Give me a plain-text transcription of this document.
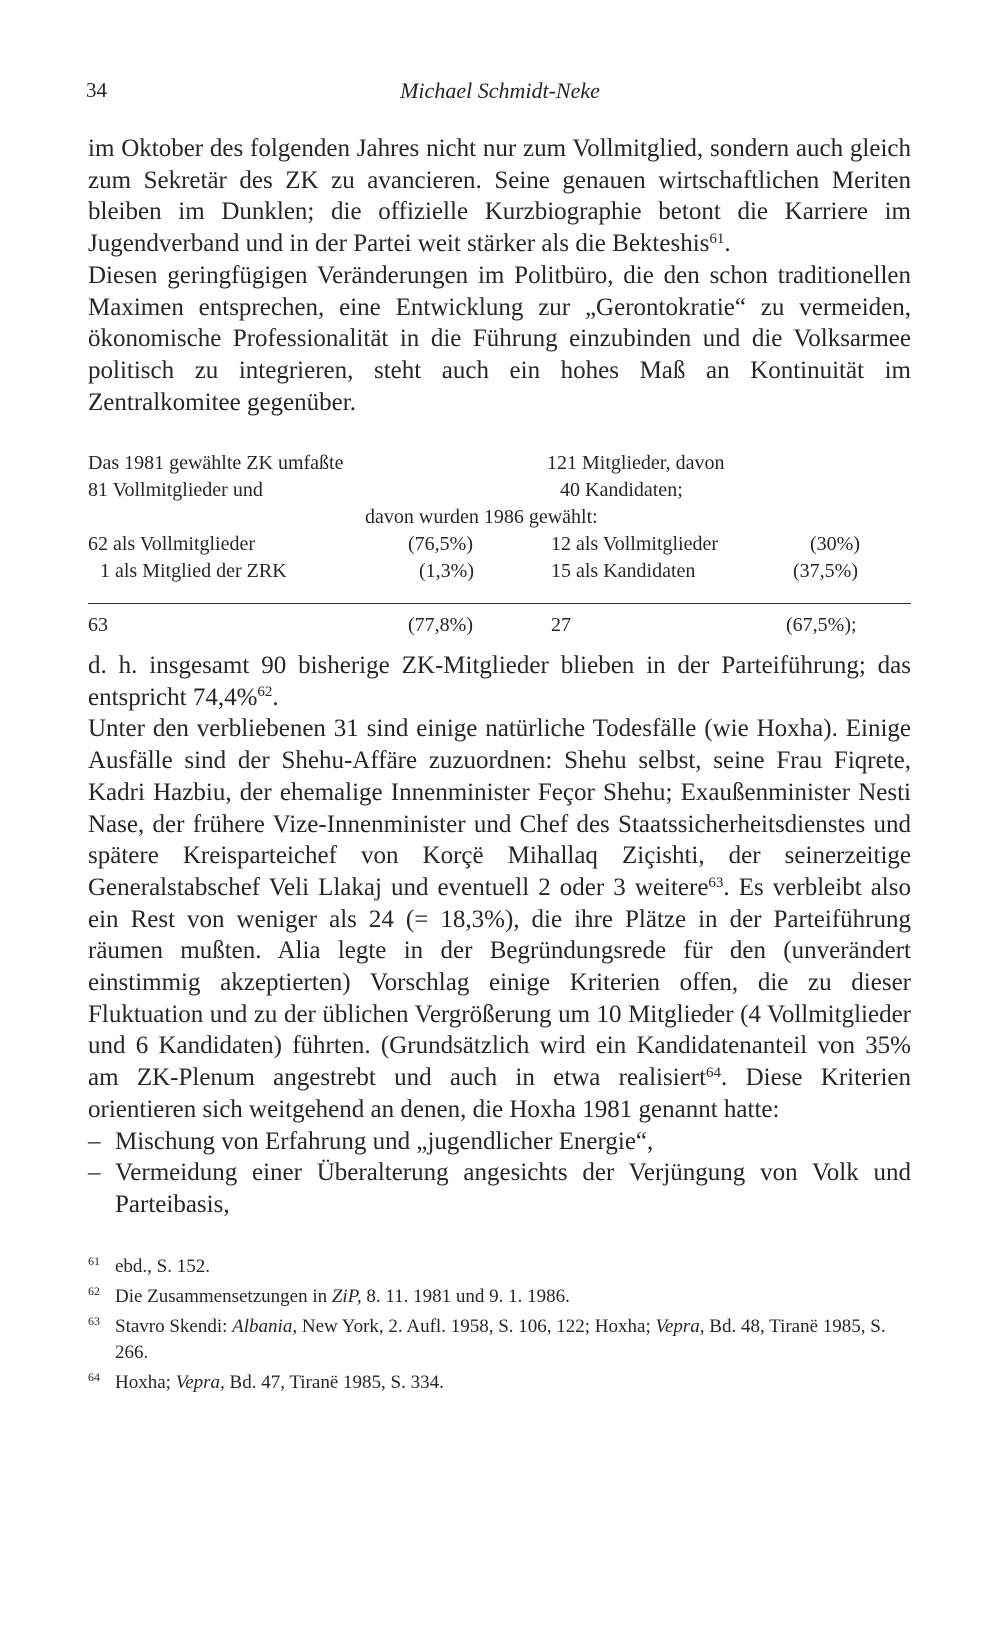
34	Michael Schmidt-Neke

im Oktober des folgenden Jahres nicht nur zum Vollmitglied, sondern auch gleich zum Sekretär des ZK zu avancieren. Seine genauen wirtschaftlichen Meriten bleiben im Dunklen; die offizielle Kurzbiographie betont die Karriere im Jugendverband und in der Partei weit stärker als die Bekteshis$^{61}$.

Diesen geringfügigen Veränderungen im Politbüro, die den schon traditionellen Maximen entsprechen, eine Entwicklung zur „Gerontokratie“ zu vermeiden, ökonomische Professionalität in die Führung einzubinden und die Volksarmee politisch zu integrieren, steht auch ein hohes Maß an Kontinuität im Zentralkomitee gegenüber.

Das 1981 gewählte ZK umfaßte	121 Mitglieder, davon
81 Vollmitglieder und	40 Kandidaten;
davon wurden 1986 gewählt:
62 als Vollmitglieder	(76,5%)	12 als Vollmitglieder	(30%)
1 als Mitglied der ZRK	(1,3%)	15 als Kandidaten	(37,5%)
63	(77,8%)	27	(67,5%);

d. h. insgesamt 90 bisherige ZK-Mitglieder blieben in der Parteiführung; das entspricht 74,4%$^{62}$.

Unter den verbliebenen 31 sind einige natürliche Todesfälle (wie Hoxha). Einige Ausfälle sind der Shehu-Affäre zuzuordnen: Shehu selbst, seine Frau Fiqrete, Kadri Hazbiu, der ehemalige Innenminister Feçor Shehu; Exaußenminister Nesti Nase, der frühere Vize-Innenminister und Chef des Staatssicherheitsdienstes und spätere Kreisparteichef von Korçë Mihallaq Ziçishti, der seinerzeitige Generalstabschef Veli Llakaj und eventuell 2 oder 3 weitere$^{63}$. Es verbleibt also ein Rest von weniger als 24 (= 18,3%), die ihre Plätze in der Parteiführung räumen mußten. Alia legte in der Begründungsrede für den (unverändert einstimmig akzeptierten) Vorschlag einige Kriterien offen, die zu dieser Fluktuation und zu der üblichen Vergrößerung um 10 Mitglieder (4 Vollmitglieder und 6 Kandidaten) führten. (Grundsätzlich wird ein Kandidatenanteil von 35% am ZK-Plenum angestrebt und auch in etwa realisiert$^{64}$. Diese Kriterien orientieren sich weitgehend an denen, die Hoxha 1981 genannt hatte:

– Mischung von Erfahrung und „jugendlicher Energie“,
– Vermeidung einer Überalterung angesichts der Verjüngung von Volk und Parteibasis,
61 ebd., S. 152.
62 Die Zusammensetzungen in ZiP, 8. 11. 1981 und 9. 1. 1986.
63 Stavro Skendi: Albania, New York, 2. Aufl. 1958, S. 106, 122; Hoxha; Vepra, Bd. 48, Tiranë 1985, S. 266.
64 Hoxha; Vepra, Bd. 47, Tiranë 1985, S. 334.
